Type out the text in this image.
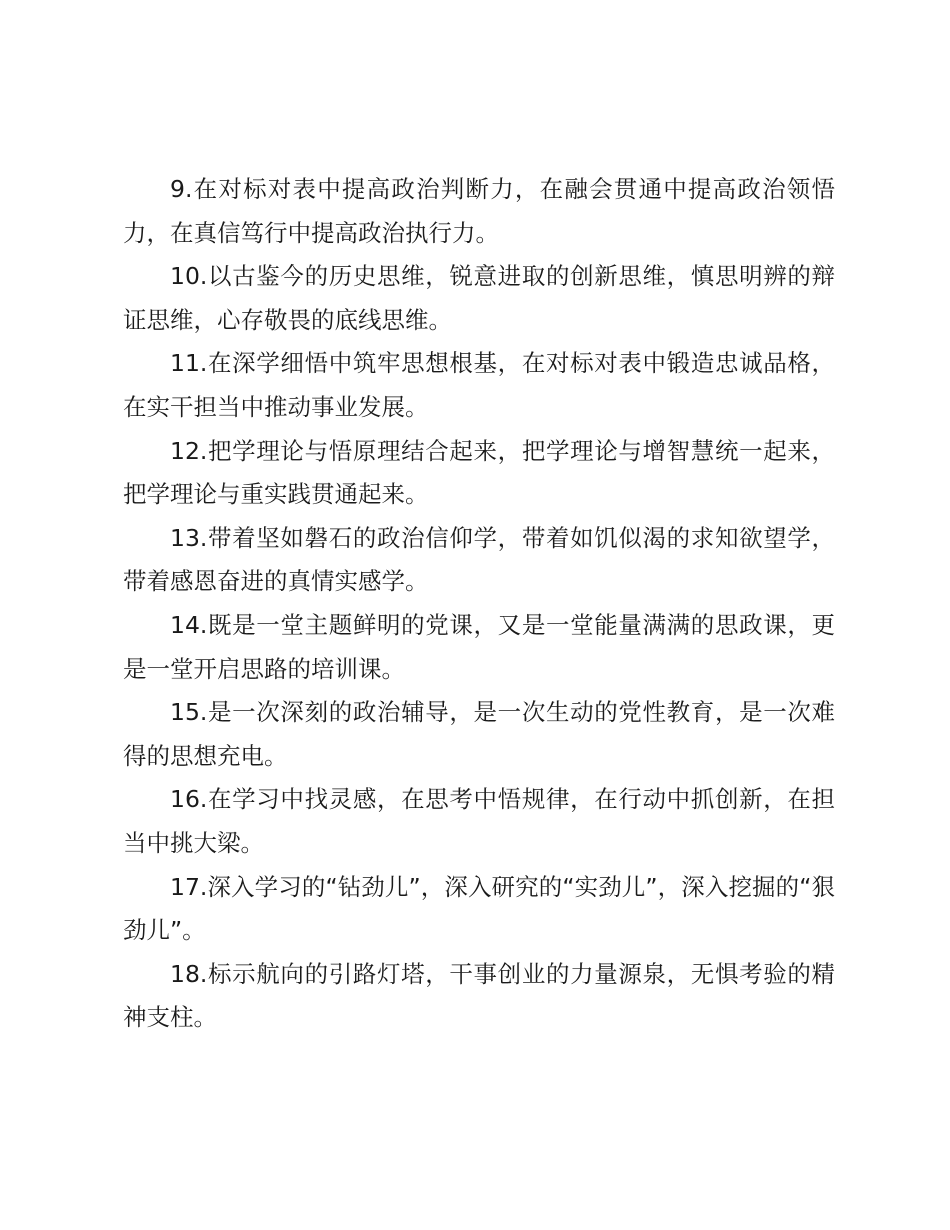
9.在对标对表中提高政治判断力，在融会贯通中提高政治领悟力，在真信笃行中提高政治执行力。

10.以古鉴今的历史思维，锐意进取的创新思维，慎思明辨的辩证思维，心存敬畏的底线思维。

11.在深学细悟中筑牢思想根基，在对标对表中锻造忠诚品格，在实干担当中推动事业发展。

12.把学理论与悟原理结合起来，把学理论与增智慧统一起来，把学理论与重实践贯通起来。

13.带着坚如磐石的政治信仰学，带着如饥似渴的求知欲望学，带着感恩奋进的真情实感学。

14.既是一堂主题鲜明的党课，又是一堂能量满满的思政课，更是一堂开启思路的培训课。

15.是一次深刻的政治辅导，是一次生动的党性教育，是一次难得的思想充电。

16.在学习中找灵感，在思考中悟规律，在行动中抓创新，在担当中挑大梁。

17.深入学习的“钻劲儿”，深入研究的“实劲儿”，深入挖掘的“狠劲儿”。

18.标示航向的引路灯塔，干事创业的力量源泉，无惧考验的精神支柱。
